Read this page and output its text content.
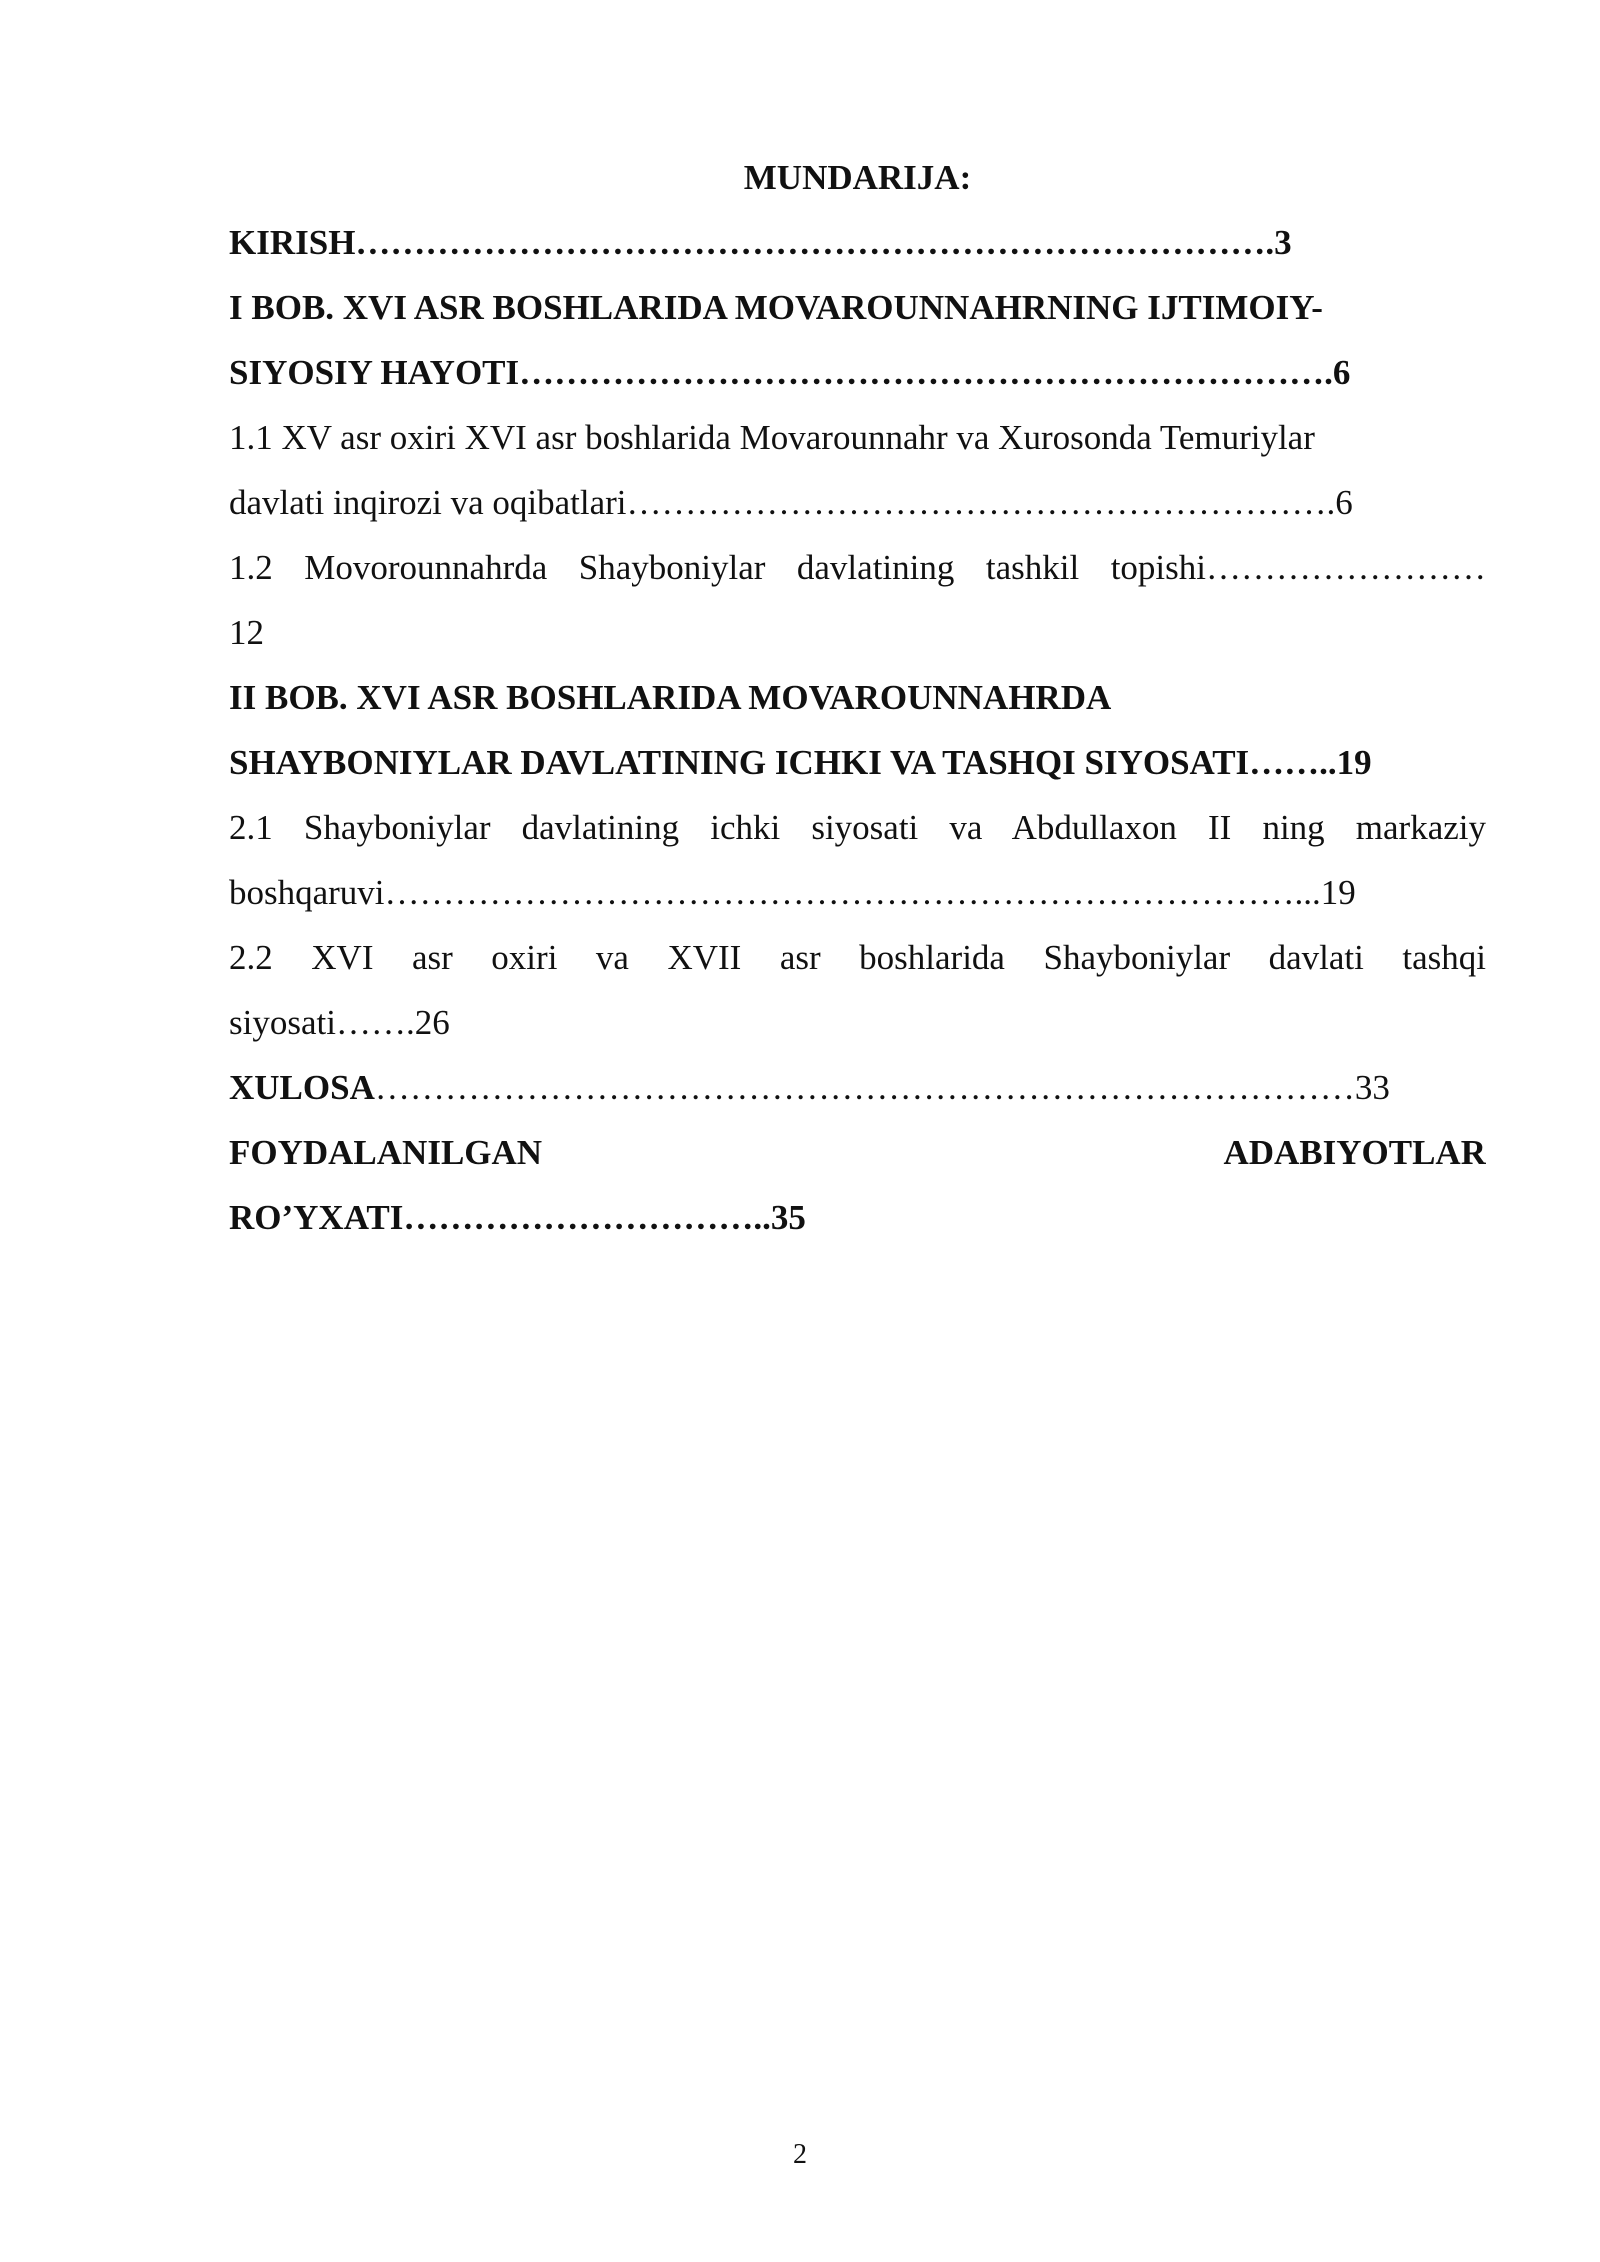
MUNDARIJA:
KIRISH…………………………………………………………………….3
I BOB. XVI ASR BOSHLARIDA MOVAROUNNAHRNING IJTIMOIY-
SIYOSIY HAYOTI…………………………………………………………….6
1.1 XV asr oxiri XVI asr boshlarida Movarounnahr va Xurosonda Temuriylar
davlati inqirozi va oqibatlari…………………………………………………….6
1.2 Movorounnahrda Shayboniylar davlatining tashkil topishi……………………
12
II BOB. XVI ASR BOSHLARIDA MOVAROUNNAHRDA
SHAYBONIYLAR DAVLATINING ICHKI VA TASHQI SIYOSATI……..19
2.1 Shayboniylar davlatining ichki siyosati va Abdullaxon II ning markaziy
boshqaruvi……………………………………………………………………...19
2.2 XVI asr oxiri va XVII asr boshlarida Shayboniylar davlati tashqi
siyosati…….26
XULOSA…………………………………………………………………………33
FOYDALANILGAN	ADABIYOTLAR
RO’YXATI…………………………..35
2
